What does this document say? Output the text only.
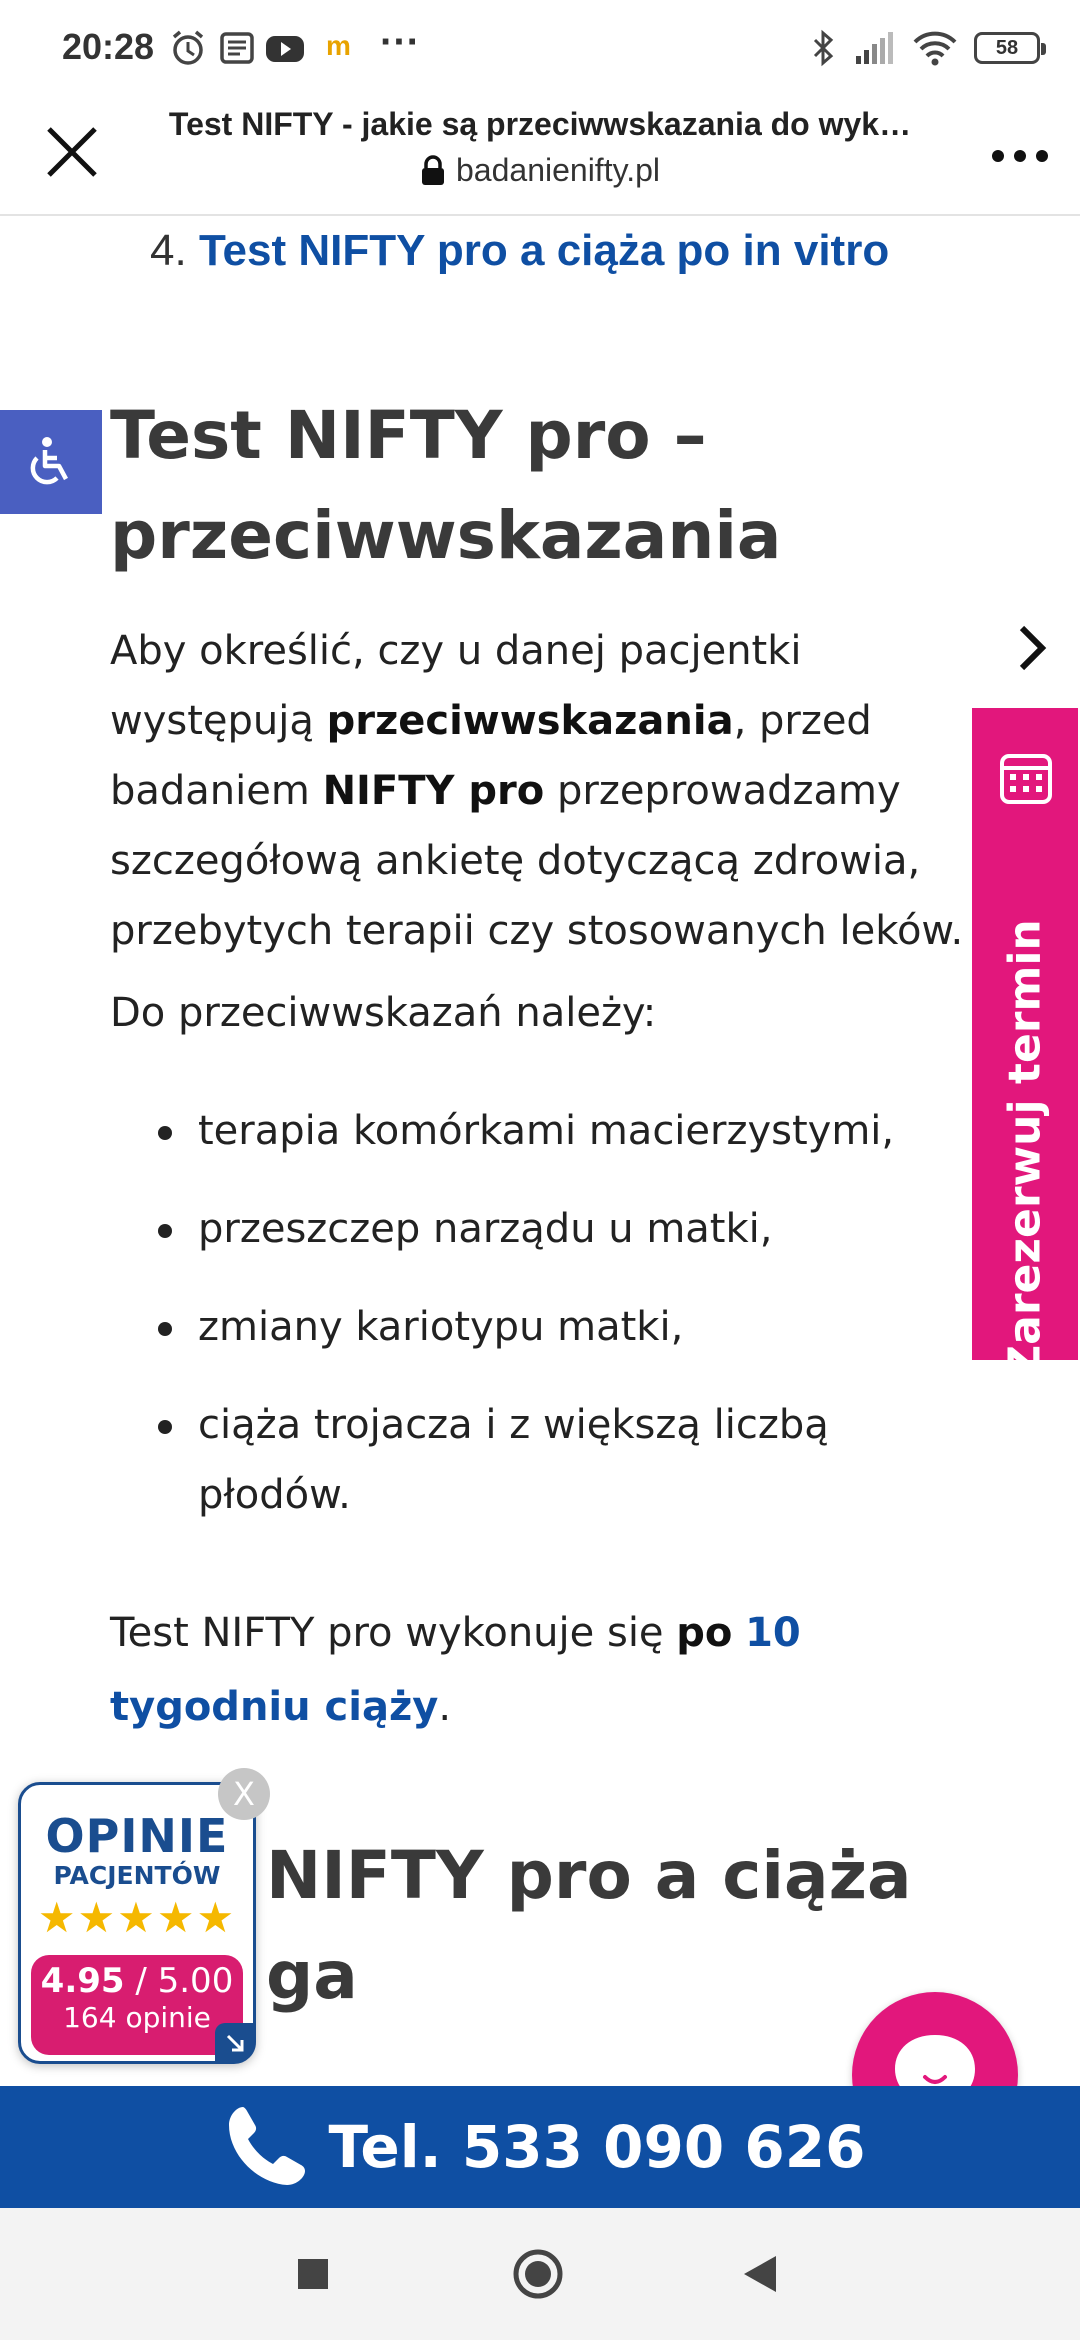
20:28	m ···	58
Test NIFTY - jakie są przeciwwskazania do wyk…
badanienifty.pl
4. Test NIFTY pro a ciąża po in vitro
Test NIFTY pro – przeciwwskazania

Aby określić, czy u danej pacjentki występują przeciwwskazania, przed badaniem NIFTY pro przeprowadzamy szczegółową ankietę dotyczącą zdrowia, przebytych terapii czy stosowanych leków.

Do przeciwwskazań należy:

terapia komórkami macierzystymi,
przeszczep narządu u matki,
zmiany kariotypu matki,
ciąża trojacza i z większą liczbą płodów.

Test NIFTY pro wykonuje się po 10 tygodniu ciąży.

NIFTY pro a ciąża
ga
Zarezerwuj termin
OPINIE
PACJENTÓW
★★★★★
4.95 / 5.00
164 opinie
X
Tel. 533 090 626
